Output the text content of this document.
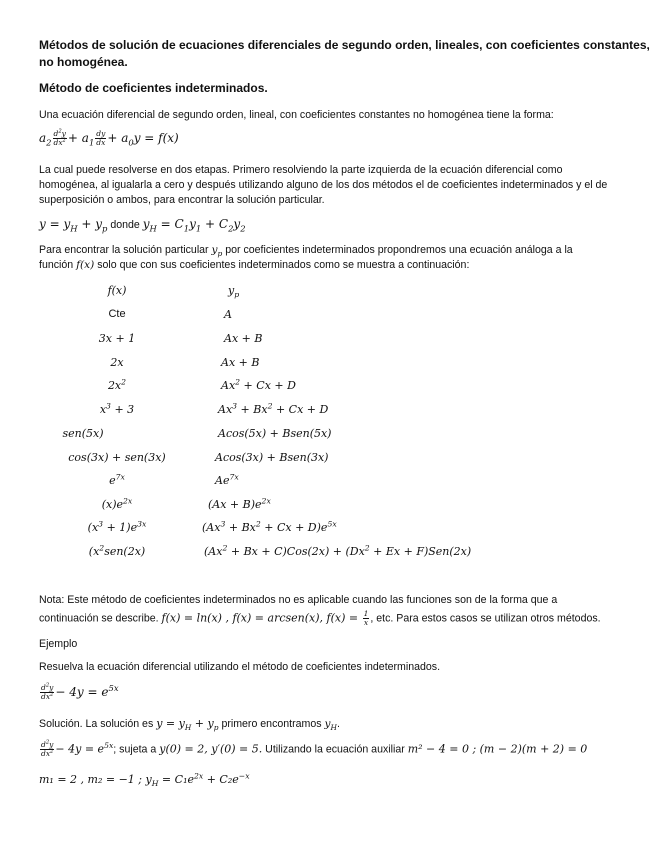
Métodos de solución de ecuaciones diferenciales de segundo orden, lineales, con coeficientes constantes,
no homogénea.
Método de coeficientes indeterminados.
Una ecuación diferencial de segundo orden, lineal, con coeficientes constantes no homogénea tiene la forma:
$a_2 \frac{d^2y}{dx^2} + a_1 \frac{dy}{dx} + a_0y = f(x)$
La cual puede resolverse en dos etapas. Primero resolviendo la parte izquierda de la ecuación diferencial como
homogénea, al igualarla a cero y después utilizando alguno de los dos métodos el de coeficientes indeterminados y el de
superposición o ambos, para encontrar la solución particular.
$y = y_H + y_p$ donde $y_H = C_1y_1 + C_2y_2$
Para encontrar la solución particular $y_p$ por coeficientes indeterminados propondremos una ecuación análoga a la
función f(x) solo que con sus coeficientes indeterminados como se muestra a continuación:
f(x)	$y_p$
Cte	A
3x + 1	Ax + B
2x	Ax + B
$2x^2$	$Ax^2 + Cx + D$
$x^3 + 3$	$Ax^3 + Bx^2 + Cx + D$
sen(5x)	Acos(5x) + Bsen(5x)
cos(3x) + sen(3x)	Acos(3x) + Bsen(3x)
$e^{7x}$	$Ae^{7x}$
$(x)e^{2x}$	$(Ax + B)e^{2x}$
$(x^3 + 1)e^{3x}$	$(Ax^3 + Bx^2 + Cx + D)e^{5x}$
($x^2sen(2x)$	$(Ax^2 + Bx + C)Cos(2x) + (Dx^2 + Ex + F)Sen(2x)$
Nota: Este método de coeficientes indeterminados no es aplicable cuando las funciones son de la forma que a
continuación se describe. f(x) = ln(x) , f(x) = arcsen(x), $f(x) = \frac{1}{x}$ , etc. Para estos casos se utilizan otros métodos.
Ejemplo
Resuelva la ecuación diferencial utilizando el método de coeficientes indeterminados.
$\frac{d^2y}{dx^2} - 4y = e^{5x}$
Solución. La solución es $y = y_H + y_p$ primero encontramos $y_H$.
$\frac{d^2y}{dx^2} - 4y = e^{5x}$; sujeta a y(0) = 2, y′(0) = 5. Utilizando la ecuación auxiliar m² − 4 = 0 ; (m − 2)(m + 2) = 0
m₁ = 2 , m₂ = −1 ; $y_H = C_1e^{2x} + C_2e^{-x}$
